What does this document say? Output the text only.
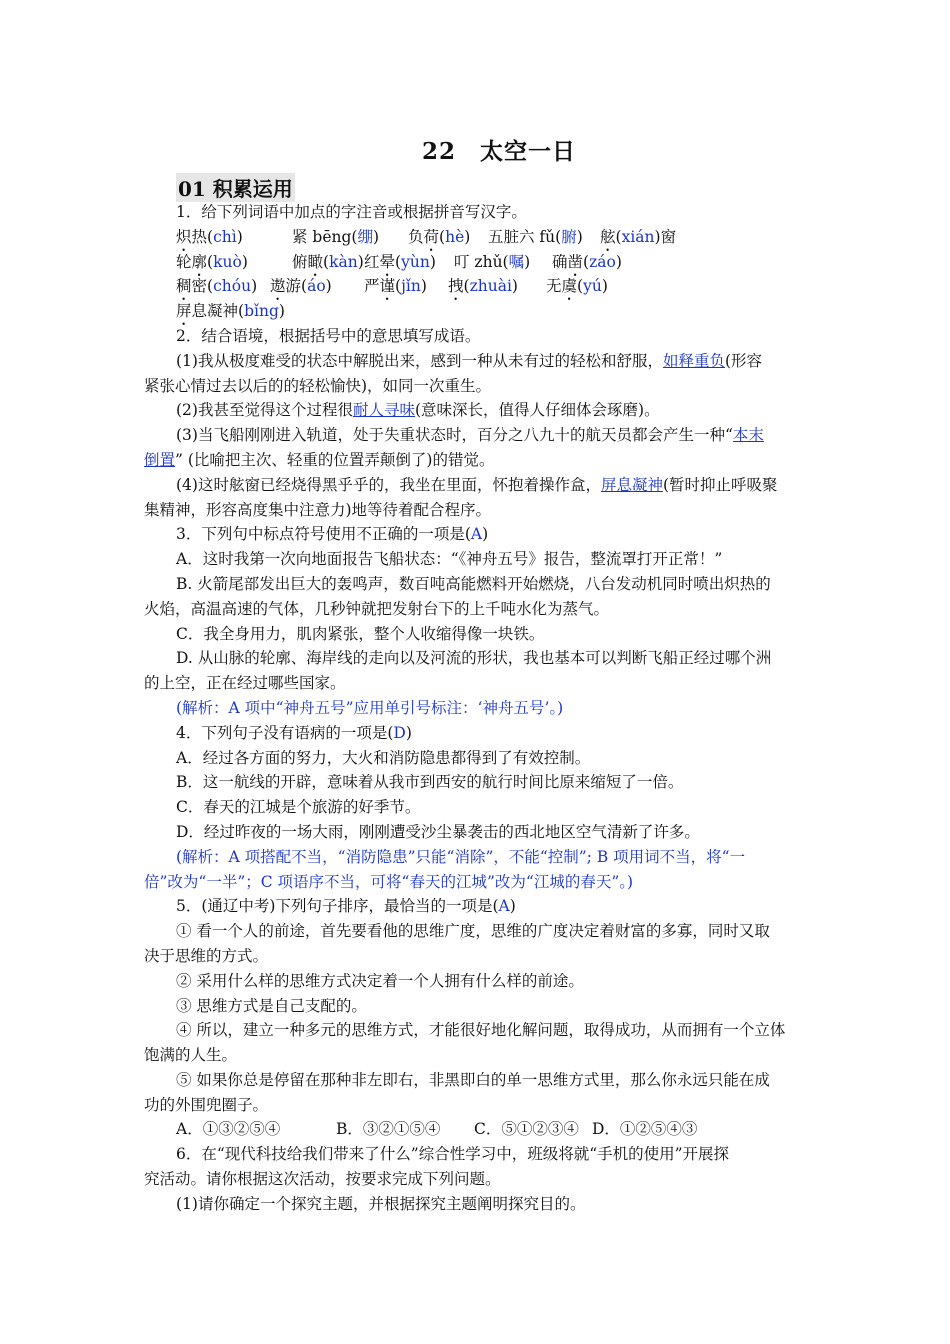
22　太空一日
01 积累运用
1．给下列词语中加点的字注音或根据拼音写汉字。
炽热(chì)	紧 bēng(绷) 负荷(hè) 五脏六 fǔ(腑) 舷(xián)窗
轮廓(kuò)	俯瞰(kàn)红晕(yùn) 叮 zhǔ(嘱) 确凿(záo)
稠密(chóu) 遨游(áo) 严谨(jǐn) 拽(zhuài) 无虞(yú)
屏息凝神(bǐng)
2．结合语境，根据括号中的意思填写成语。
(1)我从极度难受的状态中解脱出来，感到一种从未有过的轻松和舒服，如释重负(形容
紧张心情过去以后的的轻松愉快)，如同一次重生。
(2)我甚至觉得这个过程很耐人寻味(意味深长，值得人仔细体会琢磨)。
(3)当飞船刚刚进入轨道，处于失重状态时，百分之八九十的航天员都会产生一种“本末
倒置” (比喻把主次、轻重的位置弄颠倒了)的错觉。
(4)这时舷窗已经烧得黑乎乎的，我坐在里面，怀抱着操作盒，屏息凝神(暂时抑止呼吸聚
集精神，形容高度集中注意力)地等待着配合程序。
3．下列句中标点符号使用不正确的一项是(A)
A．这时我第一次向地面报告飞船状态：“《神舟五号》报告，整流罩打开正常！”
B. 火箭尾部发出巨大的轰鸣声，数百吨高能燃料开始燃烧，八台发动机同时喷出炽热的
火焰，高温高速的气体，几秒钟就把发射台下的上千吨水化为蒸气。
C．我全身用力，肌肉紧张，整个人收缩得像一块铁。
D. 从山脉的轮廓、海岸线的走向以及河流的形状，我也基本可以判断飞船正经过哪个洲
的上空，正在经过哪些国家。
(解析：A 项中“神舟五号”应用单引号标注：‘神舟五号’。)
4．下列句子没有语病的一项是(D)
A．经过各方面的努力，大火和消防隐患都得到了有效控制。
B．这一航线的开辟，意味着从我市到西安的航行时间比原来缩短了一倍。
C．春天的江城是个旅游的好季节。
D．经过昨夜的一场大雨，刚刚遭受沙尘暴袭击的西北地区空气清新了许多。
(解析：A 项搭配不当，“消防隐患”只能“消除”，不能“控制”; B 项用词不当，将“一
倍”改为“一半”；C 项语序不当，可将“春天的江城”改为“江城的春天”。)
5．(通辽中考)下列句子排序，最恰当的一项是(A)
① 看一个人的前途，首先要看他的思维广度，思维的广度决定着财富的多寡，同时又取
决于思维的方式。
② 采用什么样的思维方式决定着一个人拥有什么样的前途。
③ 思维方式是自己支配的。
④ 所以，建立一种多元的思维方式，才能很好地化解问题，取得成功，从而拥有一个立体
饱满的人生。
⑤ 如果你总是停留在那种非左即右，非黑即白的单一思维方式里，那么你永远只能在成
功的外围兜圈子。
A．①③②⑤④	B．③②①⑤④ C．⑤①②③④ D．①②⑤④③
6．在“现代科技给我们带来了什么”综合性学习中，班级将就“手机的使用”开展探
究活动。请你根据这次活动，按要求完成下列问题。
(1)请你确定一个探究主题，并根据探究主题阐明探究目的。
